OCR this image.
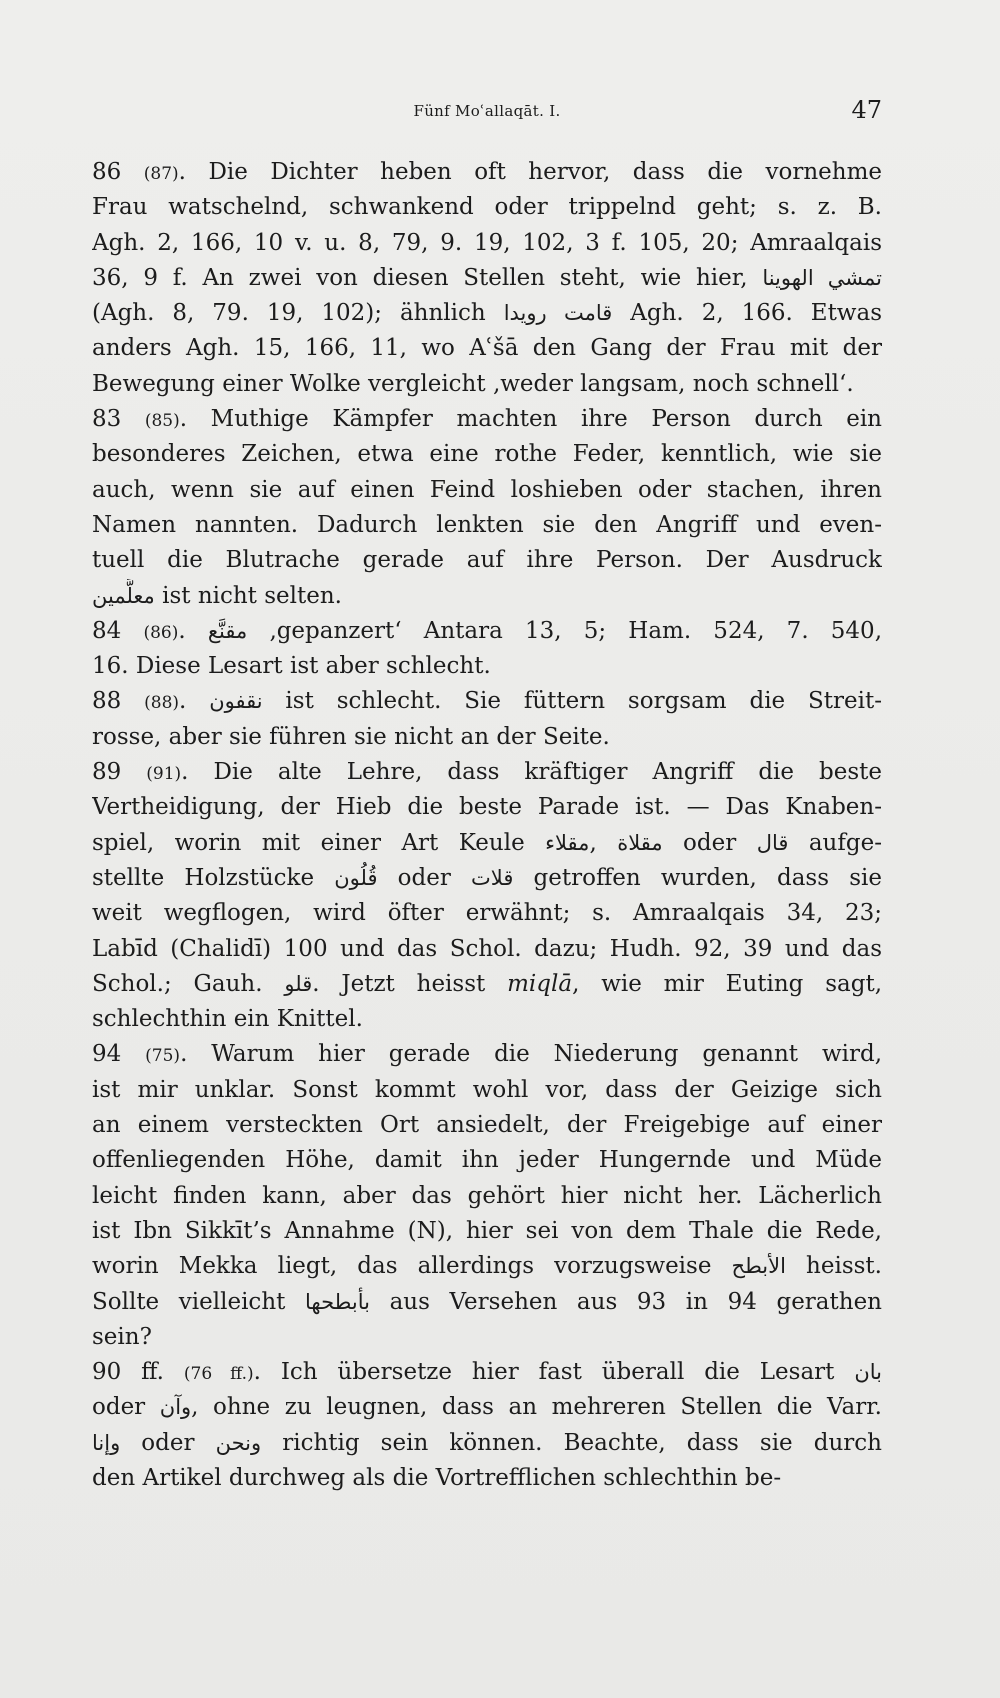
Fünf Moʿallaqāt. I.	47
86 (87). Die Dichter heben oft hervor, dass die vornehme
Frau watschelnd, schwankend oder trippelnd geht; s. z. B.
Agh. 2, 166, 10 v. u. 8, 79, 9. 19, 102, 3 f. 105, 20; Amraalqais
36, 9 f. An zwei von diesen Stellen steht, wie hier, تمشي الهوينا
(Agh. 8, 79. 19, 102); ähnlich قامت رويدا Agh. 2, 166. Etwas
anders Agh. 15, 166, 11, wo Aʿšā den Gang der Frau mit der
Bewegung einer Wolke vergleicht ‚weder langsam, noch schnell‘.
83 (85). Muthige Kämpfer machten ihre Person durch ein
besonderes Zeichen, etwa eine rothe Feder, kenntlich, wie sie
auch, wenn sie auf einen Feind loshieben oder stachen, ihren
Namen nannten. Dadurch lenkten sie den Angriff und even-
tuell die Blutrache gerade auf ihre Person. Der Ausdruck
معلَّمين ist nicht selten.
84 (86). مقنَّع ‚gepanzert‘ Antara 13, 5; Ham. 524, 7. 540,
16. Diese Lesart ist aber schlecht.
88 (88). نقفون ist schlecht. Sie füttern sorgsam die Streit-
rosse, aber sie führen sie nicht an der Seite.
89 (91). Die alte Lehre, dass kräftiger Angriff die beste
Vertheidigung, der Hieb die beste Parade ist. — Das Knaben-
spiel, worin mit einer Art Keule مقلاء, مقلاة oder قال aufge-
stellte Holzstücke قُلُون oder قلات getroffen wurden, dass sie
weit wegflogen, wird öfter erwähnt; s. Amraalqais 34, 23;
Labīd (Chalidī) 100 und das Schol. dazu; Hudh. 92, 39 und das
Schol.; Gauh. قلو. Jetzt heisst miqlā, wie mir Euting sagt,
schlechthin ein Knittel.
94 (75). Warum hier gerade die Niederung genannt wird,
ist mir unklar. Sonst kommt wohl vor, dass der Geizige sich
an einem versteckten Ort ansiedelt, der Freigebige auf einer
offenliegenden Höhe, damit ihn jeder Hungernde und Müde
leicht finden kann, aber das gehört hier nicht her. Lächerlich
ist Ibn Sikkīt’s Annahme (N), hier sei von dem Thale die Rede,
worin Mekka liegt, das allerdings vorzugsweise الأبطح heisst.
Sollte vielleicht بأبطحها aus Versehen aus 93 in 94 gerathen
sein?
90 ff. (76 ff.). Ich übersetze hier fast überall die Lesart بان
oder وآن, ohne zu leugnen, dass an mehreren Stellen die Varr.
وإنا oder ونحن richtig sein können. Beachte, dass sie durch
den Artikel durchweg als die Vortrefflichen schlechthin be-
